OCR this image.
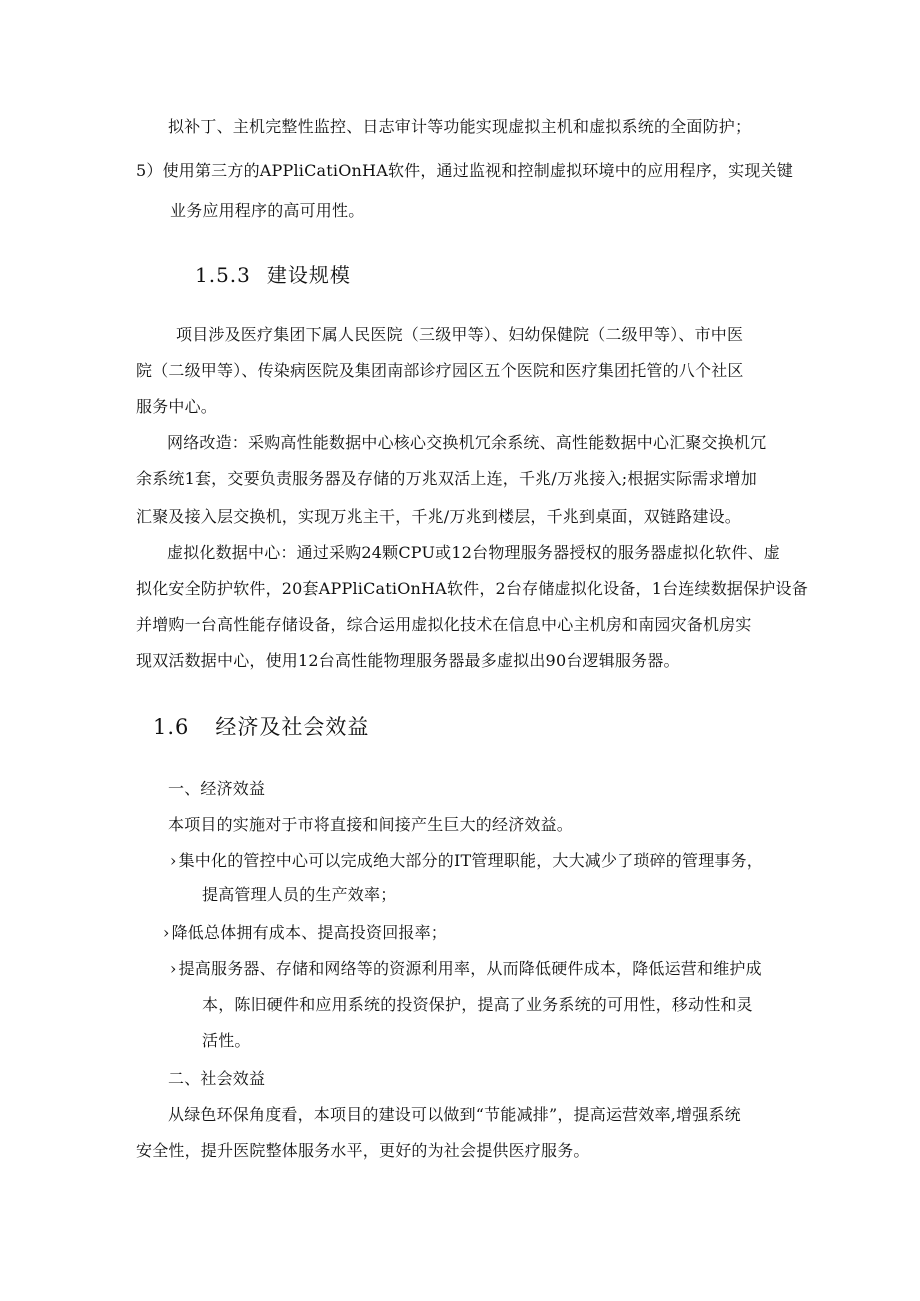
拟补丁、主机完整性监控、日志审计等功能实现虚拟主机和虚拟系统的全面防护；
5）使用第三方的APPliCatiOnHA软件，通过监视和控制虚拟环境中的应用程序，实现关键
业务应用程序的高可用性。
1.5.3 建设规模
项目涉及医疗集团下属人民医院（三级甲等）、妇幼保健院（二级甲等）、市中医
院（二级甲等）、传染病医院及集团南部诊疗园区五个医院和医疗集团托管的八个社区
服务中心。
网络改造：采购高性能数据中心核心交换机冗余系统、高性能数据中心汇聚交换机冗
余系统1套，交要负责服务器及存储的万兆双活上连，千兆/万兆接入;根据实际需求增加
汇聚及接入层交换机，实现万兆主干，千兆/万兆到楼层，千兆到桌面，双链路建设。
虚拟化数据中心：通过采购24颗CPU或12台物理服务器授权的服务器虚拟化软件、虚
拟化安全防护软件，20套APPliCatiOnHA软件，2台存储虚拟化设备，1台连续数据保护设备
并增购一台高性能存储设备，综合运用虚拟化技术在信息中心主机房和南园灾备机房实
现双活数据中心，使用12台高性能物理服务器最多虚拟出90台逻辑服务器。
1.6 经济及社会效益
一、经济效益
本项目的实施对于市将直接和间接产生巨大的经济效益。
› 集中化的管控中心可以完成绝大部分的IT管理职能，大大减少了琐碎的管理事务，
提高管理人员的生产效率；
› 降低总体拥有成本、提高投资回报率；
› 提高服务器、存储和网络等的资源利用率，从而降低硬件成本，降低运营和维护成
本，陈旧硬件和应用系统的投资保护，提高了业务系统的可用性，移动性和灵
活性。
二、社会效益
从绿色环保角度看，本项目的建设可以做到“节能减排”，提高运营效率,增强系统
安全性，提升医院整体服务水平，更好的为社会提供医疗服务。
